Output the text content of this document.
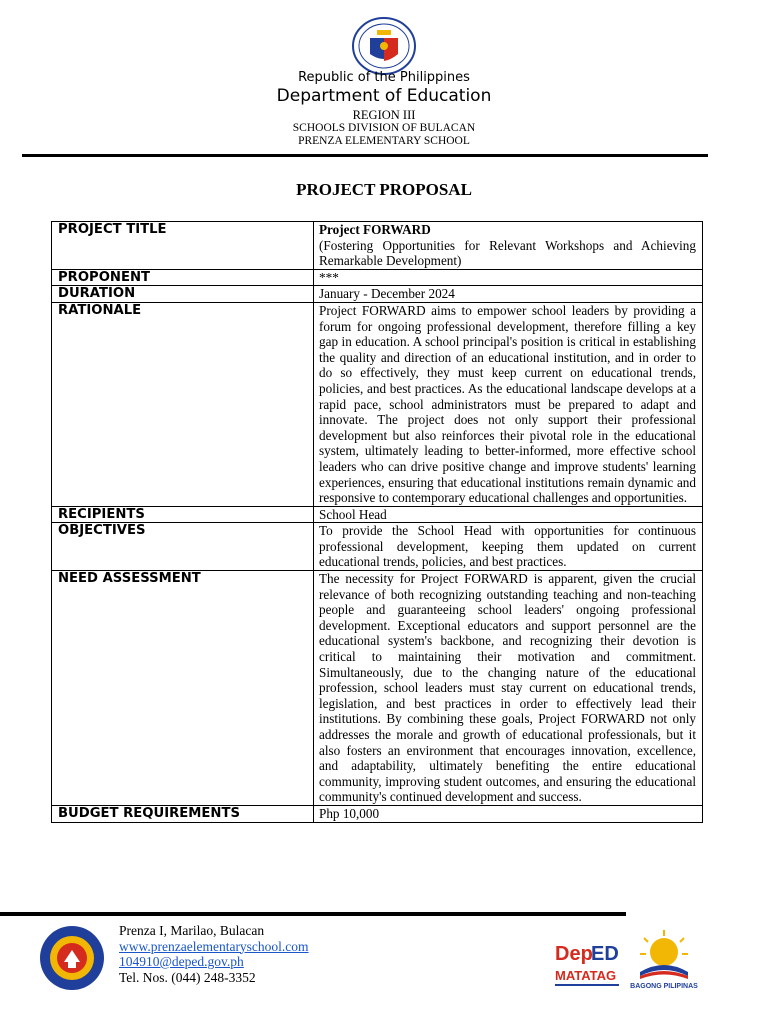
Republic of the Philippines
Department of Education
REGION III
SCHOOLS DIVISION OF BULACAN
PRENZA ELEMENTARY SCHOOL
PROJECT PROPOSAL
PROJECT TITLE	Project FORWARD
(Fostering Opportunities for Relevant Workshops and Achieving Remarkable Development)

PROPONENT	***
DURATION	January - December 2024
RATIONALE	Project FORWARD aims to empower school leaders by providing a forum for ongoing professional development, therefore filling a key gap in education. A school principal's position is critical in establishing the quality and direction of an educational institution, and in order to do so effectively, they must keep current on educational trends, policies, and best practices. As the educational landscape develops at a rapid pace, school administrators must be prepared to adapt and innovate. The project does not only support their professional development but also reinforces their pivotal role in the educational system, ultimately leading to better-informed, more effective school leaders who can drive positive change and improve students' learning experiences, ensuring that educational institutions remain dynamic and responsive to contemporary educational challenges and opportunities.
RECIPIENTS	School Head
OBJECTIVES	To provide the School Head with opportunities for continuous professional development, keeping them updated on current educational trends, policies, and best practices.
NEED ASSESSMENT	The necessity for Project FORWARD is apparent, given the crucial relevance of both recognizing outstanding teaching and non-teaching people and guaranteeing school leaders' ongoing professional development. Exceptional educators and support personnel are the educational system's backbone, and recognizing their devotion is critical to maintaining their motivation and commitment. Simultaneously, due to the changing nature of the educational profession, school leaders must stay current on educational trends, legislation, and best practices in order to effectively lead their institutions. By combining these goals, Project FORWARD not only addresses the morale and growth of educational professionals, but it also fosters an environment that encourages innovation, excellence, and adaptability, ultimately benefiting the entire educational community, improving student outcomes, and ensuring the educational community's continued development and success.
BUDGET REQUIREMENTS	Php 10,000
Prenza I, Marilao, Bulacan
www.prenzaelementaryschool.com
104910@deped.gov.ph
Tel. Nos. (044) 248-3352
Dep
ED
MATATAG
BAGONG PILIPINAS
